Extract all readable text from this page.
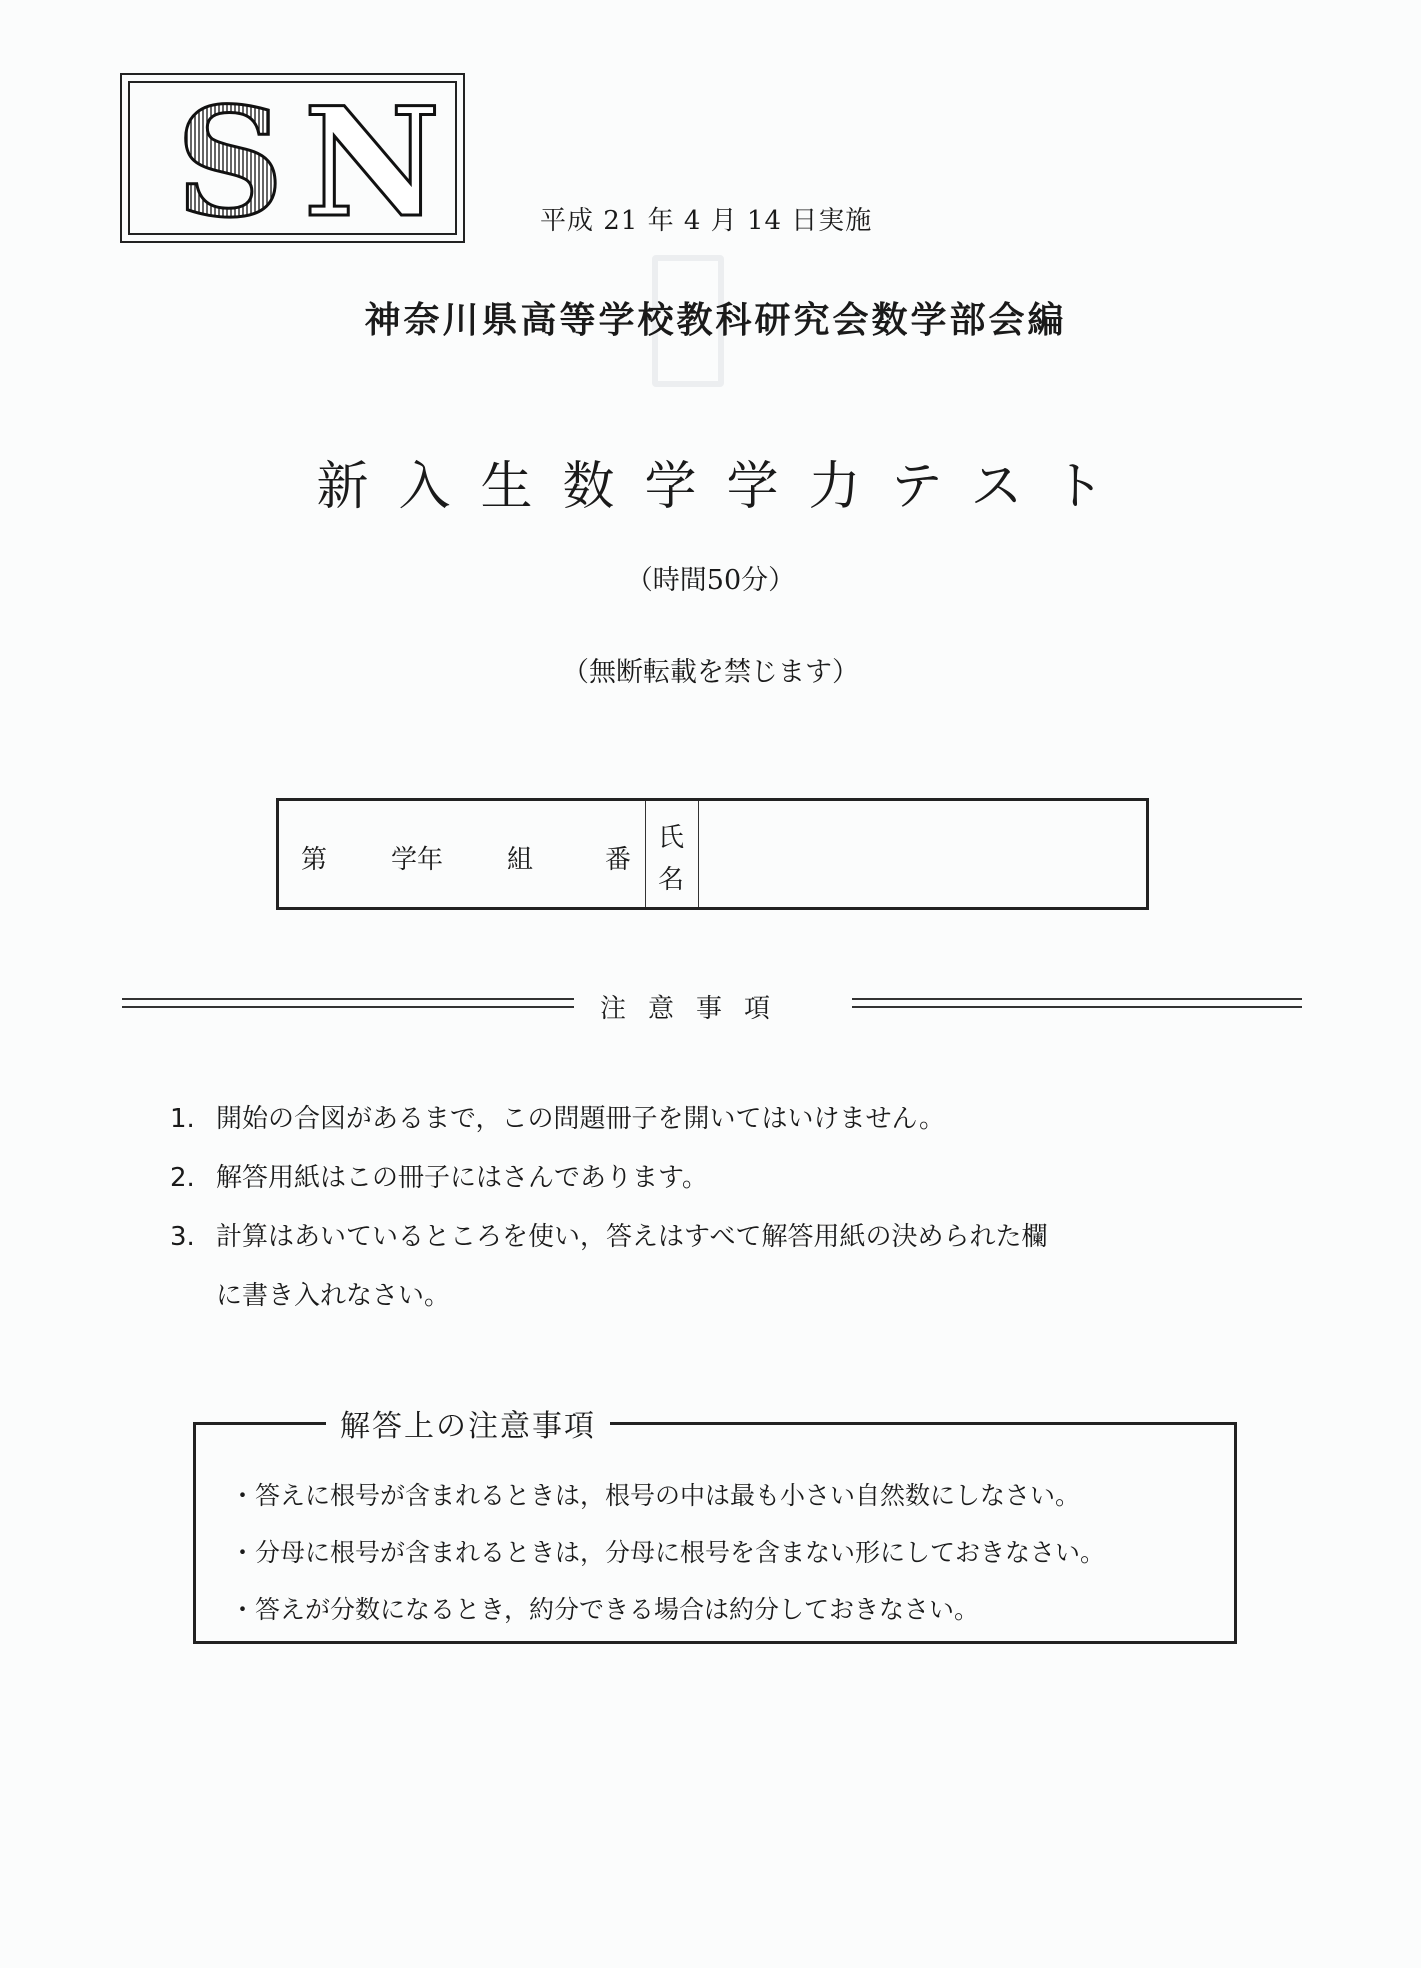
S N	平成 21 年 4 月 14 日実施
神奈川県高等学校教科研究会数学部会編
新入生数学学力テスト
（時間50分）
（無断転載を禁じます）
第 学年 組	番
氏
名
注意事項
1. 開始の合図があるまで，この問題冊子を開いてはいけません。
2. 解答用紙はこの冊子にはさんであります。
3. 計算はあいているところを使い，答えはすべて解答用紙の決められた欄
に書き入れなさい。
解答上の注意事項
・答えに根号が含まれるときは，根号の中は最も小さい自然数にしなさい。
・分母に根号が含まれるときは，分母に根号を含まない形にしておきなさい。
・答えが分数になるとき，約分できる場合は約分しておきなさい。
